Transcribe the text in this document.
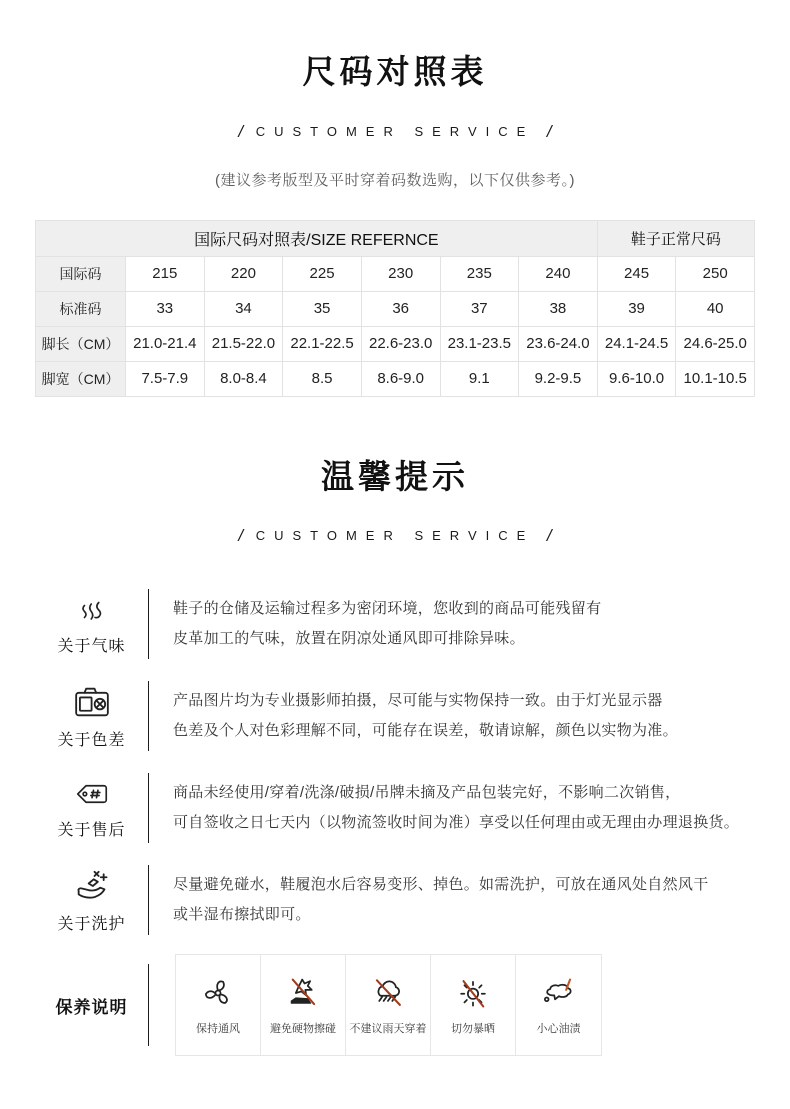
尺码对照表
/ CUSTOMER SERVICE /
(建议参考版型及平时穿着码数选购，以下仅供参考。)
国际尺码对照表/SIZE REFERNCE							鞋子正常尺码	
国际码	215	220	225	230	235	240	245	250
标准码	33	34	35	36	37	38	39	40
脚长（CM）	21.0-21.4	21.5-22.0	22.1-22.5	22.6-23.0	23.1-23.5	23.6-24.0	24.1-24.5	24.6-25.0
脚宽（CM）	7.5-7.9	8.0-8.4	8.5	8.6-9.0	9.1	9.2-9.5	9.6-10.0	10.1-10.5
温馨提示
/ CUSTOMER SERVICE /
关于气味
鞋子的仓储及运输过程多为密闭环境，您收到的商品可能残留有
皮革加工的气味，放置在阴凉处通风即可排除异味。
关于色差
产品图片均为专业摄影师拍摄，尽可能与实物保持一致。由于灯光显示器
色差及个人对色彩理解不同，可能存在误差，敬请谅解，颜色以实物为准。
关于售后
商品未经使用/穿着/洗涤/破损/吊牌未摘及产品包装完好，不影响二次销售，
可自签收之日七天内（以物流签收时间为准）享受以任何理由或无理由办理退换货。
关于洗护
尽量避免碰水，鞋履泡水后容易变形、掉色。如需洗护，可放在通风处自然风干
或半湿布擦拭即可。
保养说明
保持通风	避免硬物擦碰 不建议雨天穿着 切勿暴晒	小心油渍
